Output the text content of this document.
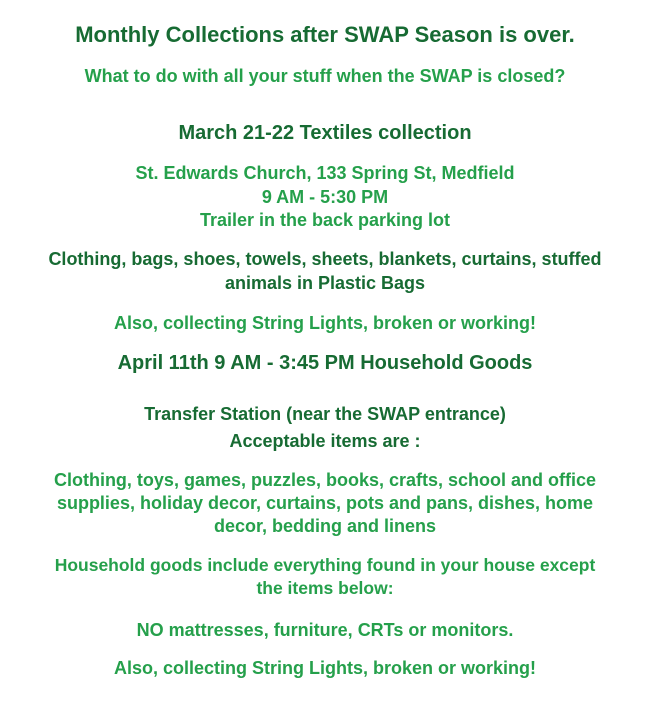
Monthly Collections after SWAP Season is over.
What to do with all your stuff when the SWAP is closed?
March 21-22 Textiles collection
St. Edwards Church, 133 Spring St, Medfield
9 AM - 5:30 PM
Trailer in the back parking lot
Clothing, bags, shoes, towels, sheets, blankets, curtains, stuffed
animals in Plastic Bags
Also, collecting String Lights, broken or working!
April 11th 9 AM - 3:45 PM Household Goods
Transfer Station (near the SWAP entrance)
Acceptable items are :
Clothing, toys, games, puzzles, books, crafts, school and office
supplies, holiday decor, curtains, pots and pans, dishes, home
decor, bedding and linens
Household goods include everything found in your house except
the items below:
NO mattresses, furniture, CRTs or monitors.
Also, collecting String Lights, broken or working!
